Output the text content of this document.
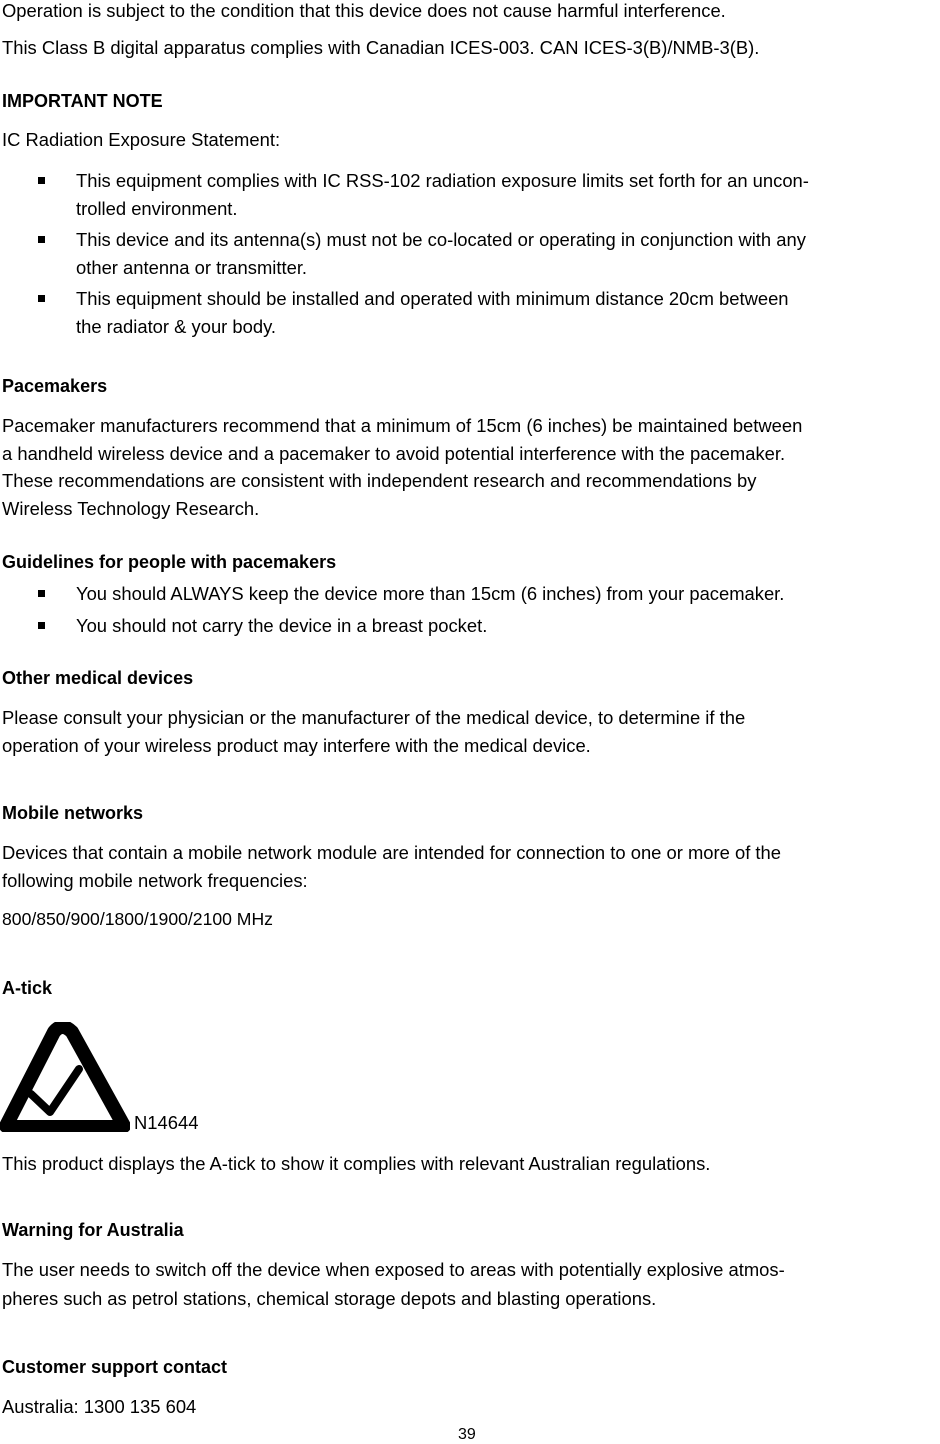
Operation is subject to the condition that this device does not cause harmful interference.

This Class B digital apparatus complies with Canadian ICES-003. CAN ICES-3(B)/NMB-3(B).

IMPORTANT NOTE

IC Radiation Exposure Statement:

This equipment complies with IC RSS-102 radiation exposure limits set forth for an uncon-

trolled environment.

This device and its antenna(s) must not be co-located or operating in conjunction with any

other antenna or transmitter.

This equipment should be installed and operated with minimum distance 20cm between

the radiator & your body.

Pacemakers

Pacemaker manufacturers recommend that a minimum of 15cm (6 inches) be maintained between

a handheld wireless device and a pacemaker to avoid potential interference with the pacemaker.

These recommendations are consistent with independent research and recommendations by

Wireless Technology Research.

Guidelines for people with pacemakers

You should ALWAYS keep the device more than 15cm (6 inches) from your pacemaker.

You should not carry the device in a breast pocket.

Other medical devices

Please consult your physician or the manufacturer of the medical device, to determine if the

operation of your wireless product may interfere with the medical device.

Mobile networks

Devices that contain a mobile network module are intended for connection to one or more of the

following mobile network frequencies:

800/850/900/1800/1900/2100 MHz

A-tick

N14644

This product displays the A-tick to show it complies with relevant Australian regulations.

Warning for Australia

The user needs to switch off the device when exposed to areas with potentially explosive atmos-

pheres such as petrol stations, chemical storage depots and blasting operations.

Customer support contact

Australia: 1300 135 604

39
